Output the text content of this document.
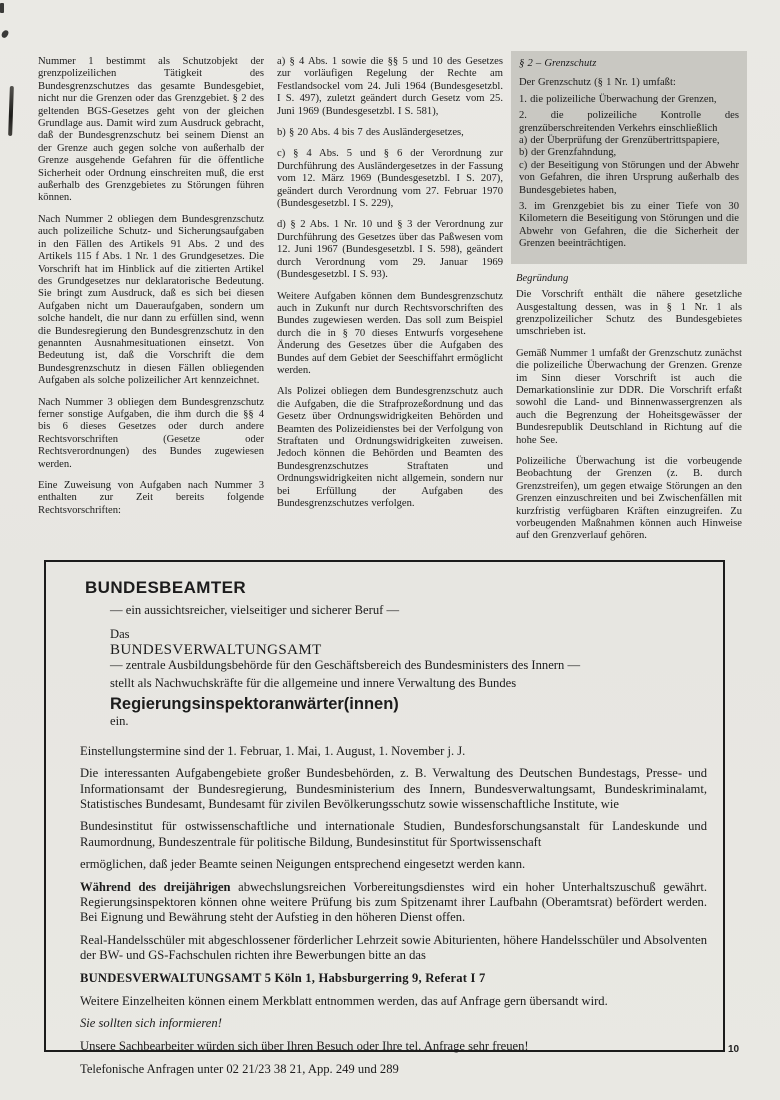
Nummer 1 bestimmt als Schutzobjekt der grenzpolizeilichen Tätigkeit des Bundesgrenzschutzes das gesamte Bundesgebiet, nicht nur die Grenzen oder das Grenzgebiet. § 2 des geltenden BGS-Gesetzes geht von der gleichen Grundlage aus. Damit wird zum Ausdruck gebracht, daß der Bundesgrenzschutz bei seinem Dienst an der Grenze auch gegen solche von außerhalb der Grenze ausgehende Gefahren für die öffentliche Sicherheit oder Ordnung einschreiten muß, die erst außerhalb des Grenzgebietes zu Störungen führen können.

Nach Nummer 2 obliegen dem Bundesgrenzschutz auch polizeiliche Schutz- und Sicherungsaufgaben in den Fällen des Artikels 91 Abs. 2 und des Artikels 115 f Abs. 1 Nr. 1 des Grundgesetzes. Die Vorschrift hat im Hinblick auf die zitierten Artikel des Grundgesetzes nur deklaratorische Bedeutung. Sie bringt zum Ausdruck, daß es sich bei diesen Aufgaben nicht um Daueraufgaben, sondern um solche handelt, die nur dann zu erfüllen sind, wenn die Bundesregierung den Bundesgrenzschutz in den genannten Ausnahmesituationen einsetzt. Von Bedeutung ist, daß die Vorschrift die dem Bundesgrenzschutz in diesen Fällen obliegenden Aufgaben als solche polizeilicher Art kennzeichnet.

Nach Nummer 3 obliegen dem Bundesgrenzschutz ferner sonstige Aufgaben, die ihm durch die §§ 4 bis 6 dieses Gesetzes oder durch andere Rechtsvorschriften (Gesetze oder Rechtsverordnungen) des Bundes zugewiesen werden.

Eine Zuweisung von Aufgaben nach Nummer 3 enthalten zur Zeit bereits folgende Rechtsvorschriften:

a) § 4 Abs. 1 sowie die §§ 5 und 10 des Gesetzes zur vorläufigen Regelung der Rechte am Festlandsockel vom 24. Juli 1964 (Bundesgesetzbl. I S. 497), zuletzt geändert durch Gesetz vom 25. Juni 1969 (Bundesgesetzbl. I S. 581),

b) § 20 Abs. 4 bis 7 des Ausländergesetzes,

c) § 4 Abs. 5 und § 6 der Verordnung zur Durchführung des Ausländergesetzes in der Fassung vom 12. März 1969 (Bundesgesetzbl. I S. 207), geändert durch Verordnung vom 27. Februar 1970 (Bundesgesetzbl. I S. 229),

d) § 2 Abs. 1 Nr. 10 und § 3 der Verordnung zur Durchführung des Gesetzes über das Paßwesen vom 12. Juni 1967 (Bundesgesetzbl. I S. 598), geändert durch Verordnung vom 29. Januar 1969 (Bundesgesetzbl. I S. 93).

Weitere Aufgaben können dem Bundesgrenzschutz auch in Zukunft nur durch Rechtsvorschriften des Bundes zugewiesen werden. Das soll zum Beispiel durch die in § 70 dieses Entwurfs vorgesehene Änderung des Gesetzes über die Aufgaben des Bundes auf dem Gebiet der Seeschiffahrt ermöglicht werden.

Als Polizei obliegen dem Bundesgrenzschutz auch die Aufgaben, die die Strafprozeßordnung und das Gesetz über Ordnungswidrigkeiten Behörden und Beamten des Polizeidienstes bei der Verfolgung von Straftaten und Ordnungswidrigkeiten zuweisen. Jedoch können die Behörden und Beamten des Bundesgrenzschutzes Straftaten und Ordnungswidrigkeiten nicht allgemein, sondern nur bei Erfüllung der Aufgaben des Bundesgrenzschutzes verfolgen.

§ 2 – Grenzschutz

Der Grenzschutz (§ 1 Nr. 1) umfaßt:

1. die polizeiliche Überwachung der Grenzen,

2. die polizeiliche Kontrolle des grenzüberschreitenden Verkehrs einschließlich

a) der Überprüfung der Grenzübertrittspapiere,

b) der Grenzfahndung,

c) der Beseitigung von Störungen und der Abwehr von Gefahren, die ihren Ursprung außerhalb des Bundesgebietes haben,

3. im Grenzgebiet bis zu einer Tiefe von 30 Kilometern die Beseitigung von Störungen und die Abwehr von Gefahren, die die Sicherheit der Grenzen beeinträchtigen.

Begründung

Die Vorschrift enthält die nähere gesetzliche Ausgestaltung dessen, was in § 1 Nr. 1 als grenzpolizeilicher Schutz des Bundesgebietes umschrieben ist.

Gemäß Nummer 1 umfaßt der Grenzschutz zunächst die polizeiliche Überwachung der Grenzen. Grenze im Sinn dieser Vorschrift ist auch die Demarkationslinie zur DDR. Die Vorschrift erfaßt sowohl die Land- und Binnenwassergrenzen als auch die Begrenzung der Hoheitsgewässer der Bundesrepublik Deutschland in Richtung auf die hohe See.

Polizeiliche Überwachung ist die vorbeugende Beobachtung der Grenzen (z. B. durch Grenzstreifen), um gegen etwaige Störungen an den Grenzen einzuschreiten und bei Zwischenfällen mit kurzfristig verfügbaren Kräften einzugreifen. Zu vorbeugenden Maßnahmen können auch Hinweise auf den Grenzverlauf gehören.

BUNDESBEAMTER

— ein aussichtsreicher, vielseitiger und sicherer Beruf —

Das

BUNDESVERWALTUNGSAMT

— zentrale Ausbildungsbehörde für den Geschäftsbereich des Bundesministers des Innern —

stellt als Nachwuchskräfte für die allgemeine und innere Verwaltung des Bundes

Regierungsinspektoranwärter(innen)

ein.

Einstellungstermine sind der 1. Februar, 1. Mai, 1. August, 1. November j. J.

Die interessanten Aufgabengebiete großer Bundesbehörden, z. B. Verwaltung des Deutschen Bundestags, Presse- und Informationsamt der Bundesregierung, Bundesministerium des Innern, Bundesverwaltungsamt, Bundeskriminalamt, Statistisches Bundesamt, Bundesamt für zivilen Bevölkerungsschutz sowie wissenschaftliche Institute, wie

Bundesinstitut für ostwissenschaftliche und internationale Studien, Bundesforschungsanstalt für Landeskunde und Raumordnung, Bundeszentrale für politische Bildung, Bundesinstitut für Sportwissenschaft

ermöglichen, daß jeder Beamte seinen Neigungen entsprechend eingesetzt werden kann.

Während des dreijährigen abwechslungsreichen Vorbereitungsdienstes wird ein hoher Unterhaltszuschuß gewährt. Regierungsinspektoren können ohne weitere Prüfung bis zum Spitzenamt ihrer Laufbahn (Oberamtsrat) befördert werden. Bei Eignung und Bewährung steht der Aufstieg in den höheren Dienst offen.

Real-Handelsschüler mit abgeschlossener förderlicher Lehrzeit sowie Abiturienten, höhere Handelsschüler und Absolventen der BW- und GS-Fachschulen richten ihre Bewerbungen bitte an das

BUNDESVERWALTUNGSAMT 5 Köln 1, Habsburgerring 9, Referat I 7

Weitere Einzelheiten können einem Merkblatt entnommen werden, das auf Anfrage gern übersandt wird.

Sie sollten sich informieren!

Unsere Sachbearbeiter würden sich über Ihren Besuch oder Ihre tel. Anfrage sehr freuen!

Telefonische Anfragen unter 02 21/23 38 21, App. 249 und 289

10
